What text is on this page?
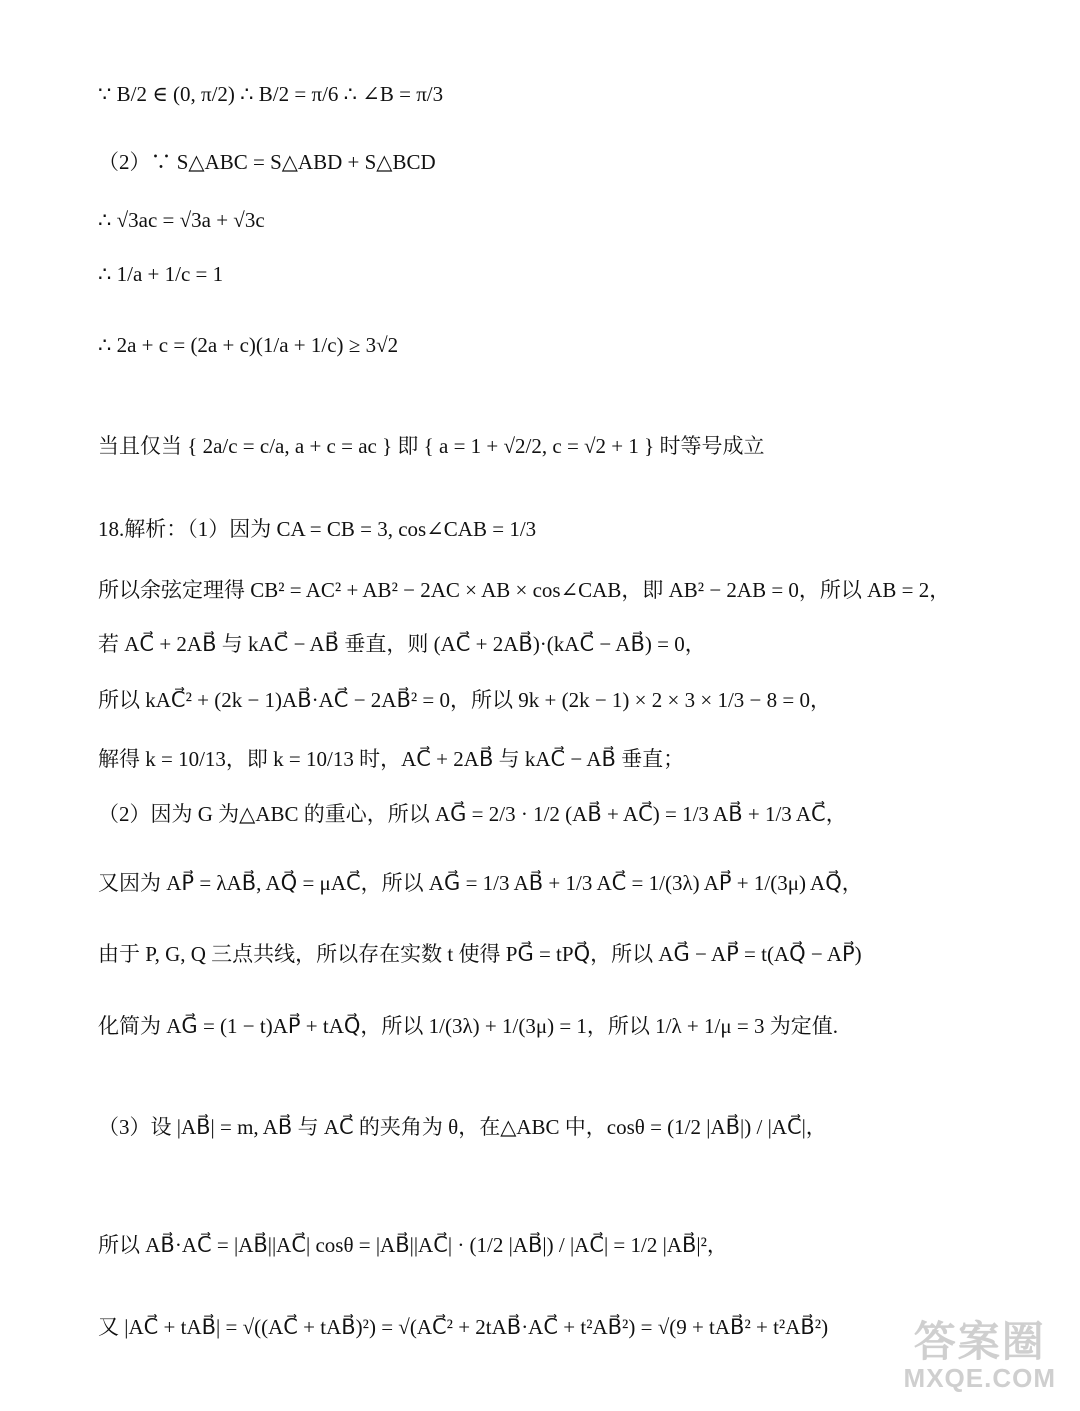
∵ B/2 ∈ (0, π/2) ∴ B/2 = π/6 ∴ ∠B = π/3
（2）∵ S△ABC = S△ABD + S△BCD
∴ √3ac = √3a + √3c
∴ 1/a + 1/c = 1
∴ 2a + c = (2a + c)(1/a + 1/c) ≥ 3√2
当且仅当 { 2a/c = c/a, a + c = ac } 即 { a = 1 + √2/2, c = √2 + 1 } 时等号成立
18.解析：（1）因为 CA = CB = 3, cos∠CAB = 1/3
所以余弦定理得 CB² = AC² + AB² − 2AC × AB × cos∠CAB，即 AB² − 2AB = 0，所以 AB = 2，
若 AC⃗ + 2AB⃗ 与 kAC⃗ − AB⃗ 垂直，则 (AC⃗ + 2AB⃗)·(kAC⃗ − AB⃗) = 0，
所以 kAC⃗² + (2k − 1)AB⃗·AC⃗ − 2AB⃗² = 0，所以 9k + (2k − 1) × 2 × 3 × 1/3 − 8 = 0，
解得 k = 10/13，即 k = 10/13 时，AC⃗ + 2AB⃗ 与 kAC⃗ − AB⃗ 垂直；
（2）因为 G 为△ABC 的重心，所以 AG⃗ = 2/3 · 1/2 (AB⃗ + AC⃗) = 1/3 AB⃗ + 1/3 AC⃗，
又因为 AP⃗ = λAB⃗, AQ⃗ = μAC⃗，所以 AG⃗ = 1/3 AB⃗ + 1/3 AC⃗ = 1/(3λ) AP⃗ + 1/(3μ) AQ⃗，
由于 P, G, Q 三点共线，所以存在实数 t 使得 PG⃗ = tPQ⃗，所以 AG⃗ − AP⃗ = t(AQ⃗ − AP⃗)
化简为 AG⃗ = (1 − t)AP⃗ + tAQ⃗，所以 1/(3λ) + 1/(3μ) = 1，所以 1/λ + 1/μ = 3 为定值.
（3）设 |AB⃗| = m, AB⃗ 与 AC⃗ 的夹角为 θ，在△ABC 中，cosθ = (1/2 |AB⃗|) / |AC⃗|，
所以 AB⃗·AC⃗ = |AB⃗||AC⃗| cosθ = |AB⃗||AC⃗| · (1/2 |AB⃗|) / |AC⃗| = 1/2 |AB⃗|²，
又 |AC⃗ + tAB⃗| = √((AC⃗ + tAB⃗)²) = √(AC⃗² + 2tAB⃗·AC⃗ + t²AB⃗²) = √(9 + tAB⃗² + t²AB⃗²)	答案圈
MXQE.COM
